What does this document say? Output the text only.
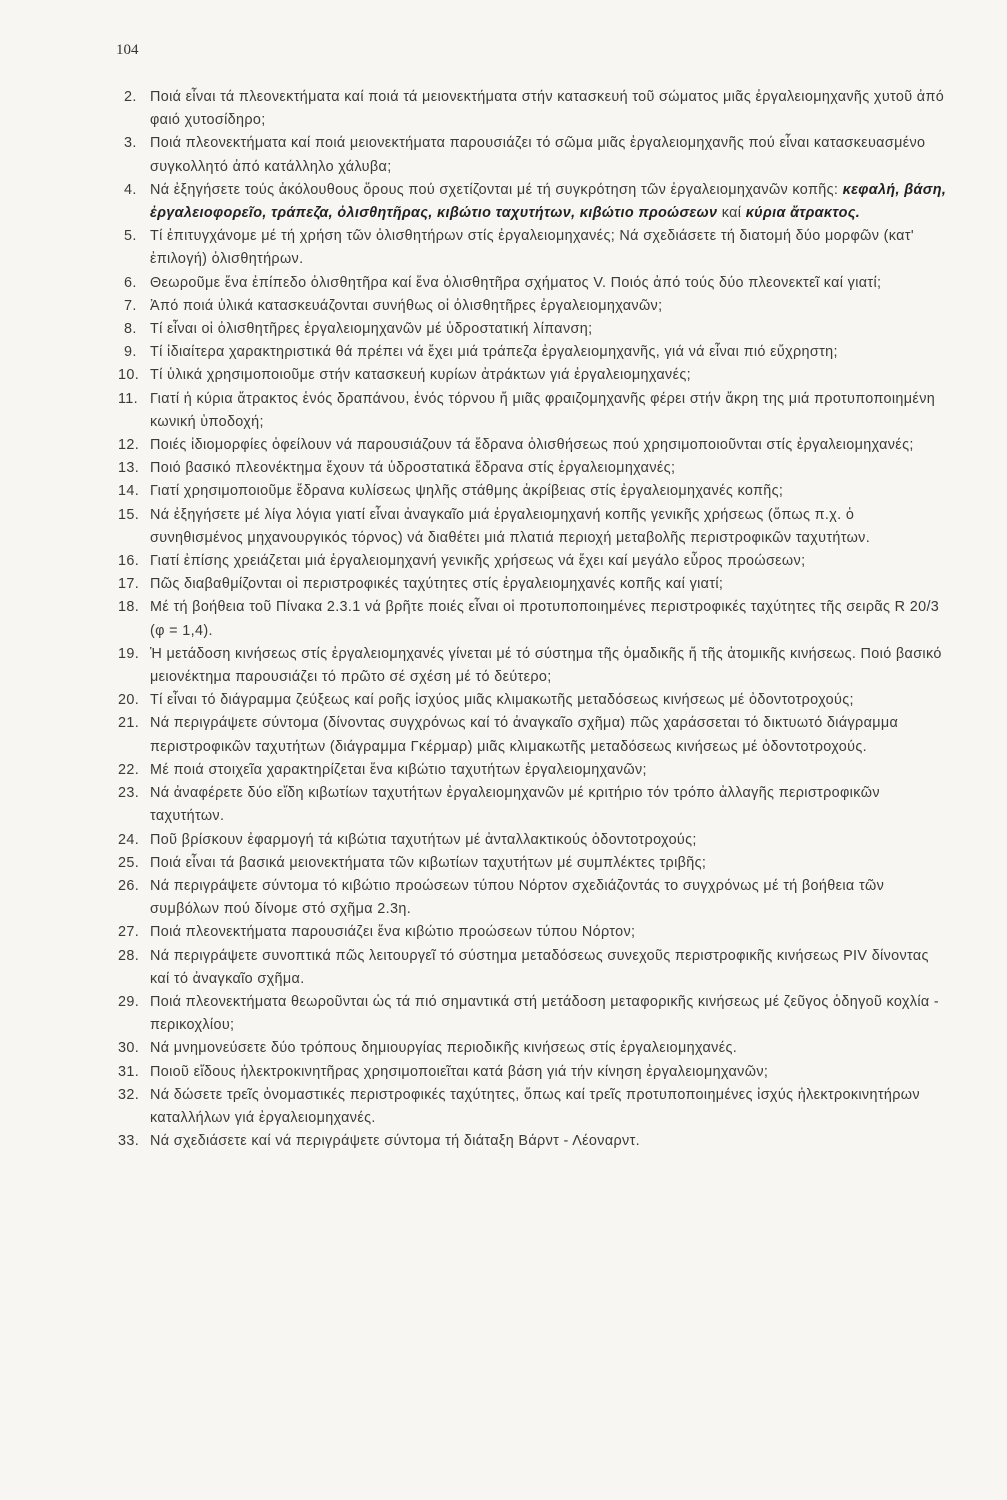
104
2. Ποιά εἶναι τά πλεονεκτήματα καί ποιά τά μειονεκτήματα στήν κατασκευή τοῦ σώματος μιᾶς ἐργαλειομηχανῆς χυτοῦ ἀπό φαιό χυτοσίδηρο;
3. Ποιά πλεονεκτήματα καί ποιά μειονεκτήματα παρουσιάζει τό σῶμα μιᾶς ἐργαλειομηχανῆς πού εἶναι κατασκευασμένο συγκολλητό ἀπό κατάλληλο χάλυβα;
4. Νά ἐξηγήσετε τούς ἀκόλουθους ὅρους πού σχετίζονται μέ τή συγκρότηση τῶν ἐργαλειομηχανῶν κοπῆς: κεφαλή, βάση, ἐργαλειοφορεῖο, τράπεζα, ὀλισθητῆρας, κιβώτιο ταχυτήτων, κιβώτιο προώσεων καί κύρια ἄτρακτος.
5. Τί ἐπιτυγχάνομε μέ τή χρήση τῶν ὀλισθητήρων στίς ἐργαλειομηχανές; Νά σχεδιάσετε τή διατομή δύο μορφῶν (κατ' ἐπιλογή) ὀλισθητήρων.
6. Θεωροῦμε ἕνα ἐπίπεδο ὀλισθητῆρα καί ἕνα ὀλισθητῆρα σχήματος V. Ποιός ἀπό τούς δύο πλεονεκτεῖ καί γιατί;
7. Ἀπό ποιά ὑλικά κατασκευάζονται συνήθως οἱ ὀλισθητῆρες ἐργαλειομηχανῶν;
8. Τί εἶναι οἱ ὀλισθητῆρες ἐργαλειομηχανῶν μέ ὑδροστατική λίπανση;
9. Τί ἰδιαίτερα χαρακτηριστικά θά πρέπει νά ἔχει μιά τράπεζα ἐργαλειομηχανῆς, γιά νά εἶναι πιό εὔχρηστη;
10. Τί ὑλικά χρησιμοποιοῦμε στήν κατασκευή κυρίων ἀτράκτων γιά ἐργαλειομηχανές;
11. Γιατί ἡ κύρια ἄτρακτος ἑνός δραπάνου, ἑνός τόρνου ἤ μιᾶς φραιζομηχανῆς φέρει στήν ἄκρη της μιά προτυποποιημένη κωνική ὑποδοχή;
12. Ποιές ἰδιομορφίες ὀφείλουν νά παρουσιάζουν τά ἕδρανα ὀλισθήσεως πού χρησιμοποιοῦνται στίς ἐργαλειομηχανές;
13. Ποιό βασικό πλεονέκτημα ἔχουν τά ὑδροστατικά ἕδρανα στίς ἐργαλειομηχανές;
14. Γιατί χρησιμοποιοῦμε ἕδρανα κυλίσεως ψηλῆς στάθμης ἀκρίβειας στίς ἐργαλειομηχανές κοπῆς;
15. Νά ἐξηγήσετε μέ λίγα λόγια γιατί εἶναι ἀναγκαῖο μιά ἐργαλειομηχανή κοπῆς γενικῆς χρήσεως (ὅπως π.χ. ὁ συνηθισμένος μηχανουργικός τόρνος) νά διαθέτει μιά πλατιά περιοχή μεταβολῆς περιστροφικῶν ταχυτήτων.
16. Γιατί ἐπίσης χρειάζεται μιά ἐργαλειομηχανή γενικῆς χρήσεως νά ἔχει καί μεγάλο εὖρος προώσεων;
17. Πῶς διαβαθμίζονται οἱ περιστροφικές ταχύτητες στίς ἐργαλειομηχανές κοπῆς καί γιατί;
18. Μέ τή βοήθεια τοῦ Πίνακα 2.3.1 νά βρῆτε ποιές εἶναι οἱ προτυποποιημένες περιστροφικές ταχύτητες τῆς σειρᾶς R 20/3 (φ = 1,4).
19. Ἡ μετάδοση κινήσεως στίς ἐργαλειομηχανές γίνεται μέ τό σύστημα τῆς ὁμαδικῆς ἤ τῆς ἀτομικῆς κινήσεως. Ποιό βασικό μειονέκτημα παρουσιάζει τό πρῶτο σέ σχέση μέ τό δεύτερο;
20. Τί εἶναι τό διάγραμμα ζεύξεως καί ροῆς ἰσχύος μιᾶς κλιμακωτῆς μεταδόσεως κινήσεως μέ ὀδοντοτροχούς;
21. Νά περιγράψετε σύντομα (δίνοντας συγχρόνως καί τό ἀναγκαῖο σχῆμα) πῶς χαράσσεται τό δικτυωτό διάγραμμα περιστροφικῶν ταχυτήτων (διάγραμμα Γκέρμαρ) μιᾶς κλιμακωτῆς μεταδόσεως κινήσεως μέ ὀδοντοτροχούς.
22. Μέ ποιά στοιχεῖα χαρακτηρίζεται ἕνα κιβώτιο ταχυτήτων ἐργαλειομηχανῶν;
23. Νά ἀναφέρετε δύο εἴδη κιβωτίων ταχυτήτων ἐργαλειομηχανῶν μέ κριτήριο τόν τρόπο ἀλλαγῆς περιστροφικῶν ταχυτήτων.
24. Ποῦ βρίσκουν ἐφαρμογή τά κιβώτια ταχυτήτων μέ ἀνταλλακτικούς ὀδοντοτροχούς;
25. Ποιά εἶναι τά βασικά μειονεκτήματα τῶν κιβωτίων ταχυτήτων μέ συμπλέκτες τριβῆς;
26. Νά περιγράψετε σύντομα τό κιβώτιο προώσεων τύπου Νόρτον σχεδιάζοντάς το συγχρόνως μέ τή βοήθεια τῶν συμβόλων πού δίνομε στό σχῆμα 2.3η.
27. Ποιά πλεονεκτήματα παρουσιάζει ἕνα κιβώτιο προώσεων τύπου Νόρτον;
28. Νά περιγράψετε συνοπτικά πῶς λειτουργεῖ τό σύστημα μεταδόσεως συνεχοῦς περιστροφικῆς κινήσεως PIV δίνοντας καί τό ἀναγκαῖο σχῆμα.
29. Ποιά πλεονεκτήματα θεωροῦνται ὡς τά πιό σημαντικά στή μετάδοση μεταφορικῆς κινήσεως μέ ζεῦγος ὁδηγοῦ κοχλία - περικοχλίου;
30. Νά μνημονεύσετε δύο τρόπους δημιουργίας περιοδικῆς κινήσεως στίς ἐργαλειομηχανές.
31. Ποιοῦ εἴδους ἠλεκτροκινητῆρας χρησιμοποιεῖται κατά βάση γιά τήν κίνηση ἐργαλειομηχανῶν;
32. Νά δώσετε τρεῖς ὀνομαστικές περιστροφικές ταχύτητες, ὅπως καί τρεῖς προτυποποιημένες ἰσχύς ἠλεκτροκινητήρων καταλλήλων γιά ἐργαλειομηχανές.
33. Νά σχεδιάσετε καί νά περιγράψετε σύντομα τή διάταξη Βάρντ - Λέοναρντ.
